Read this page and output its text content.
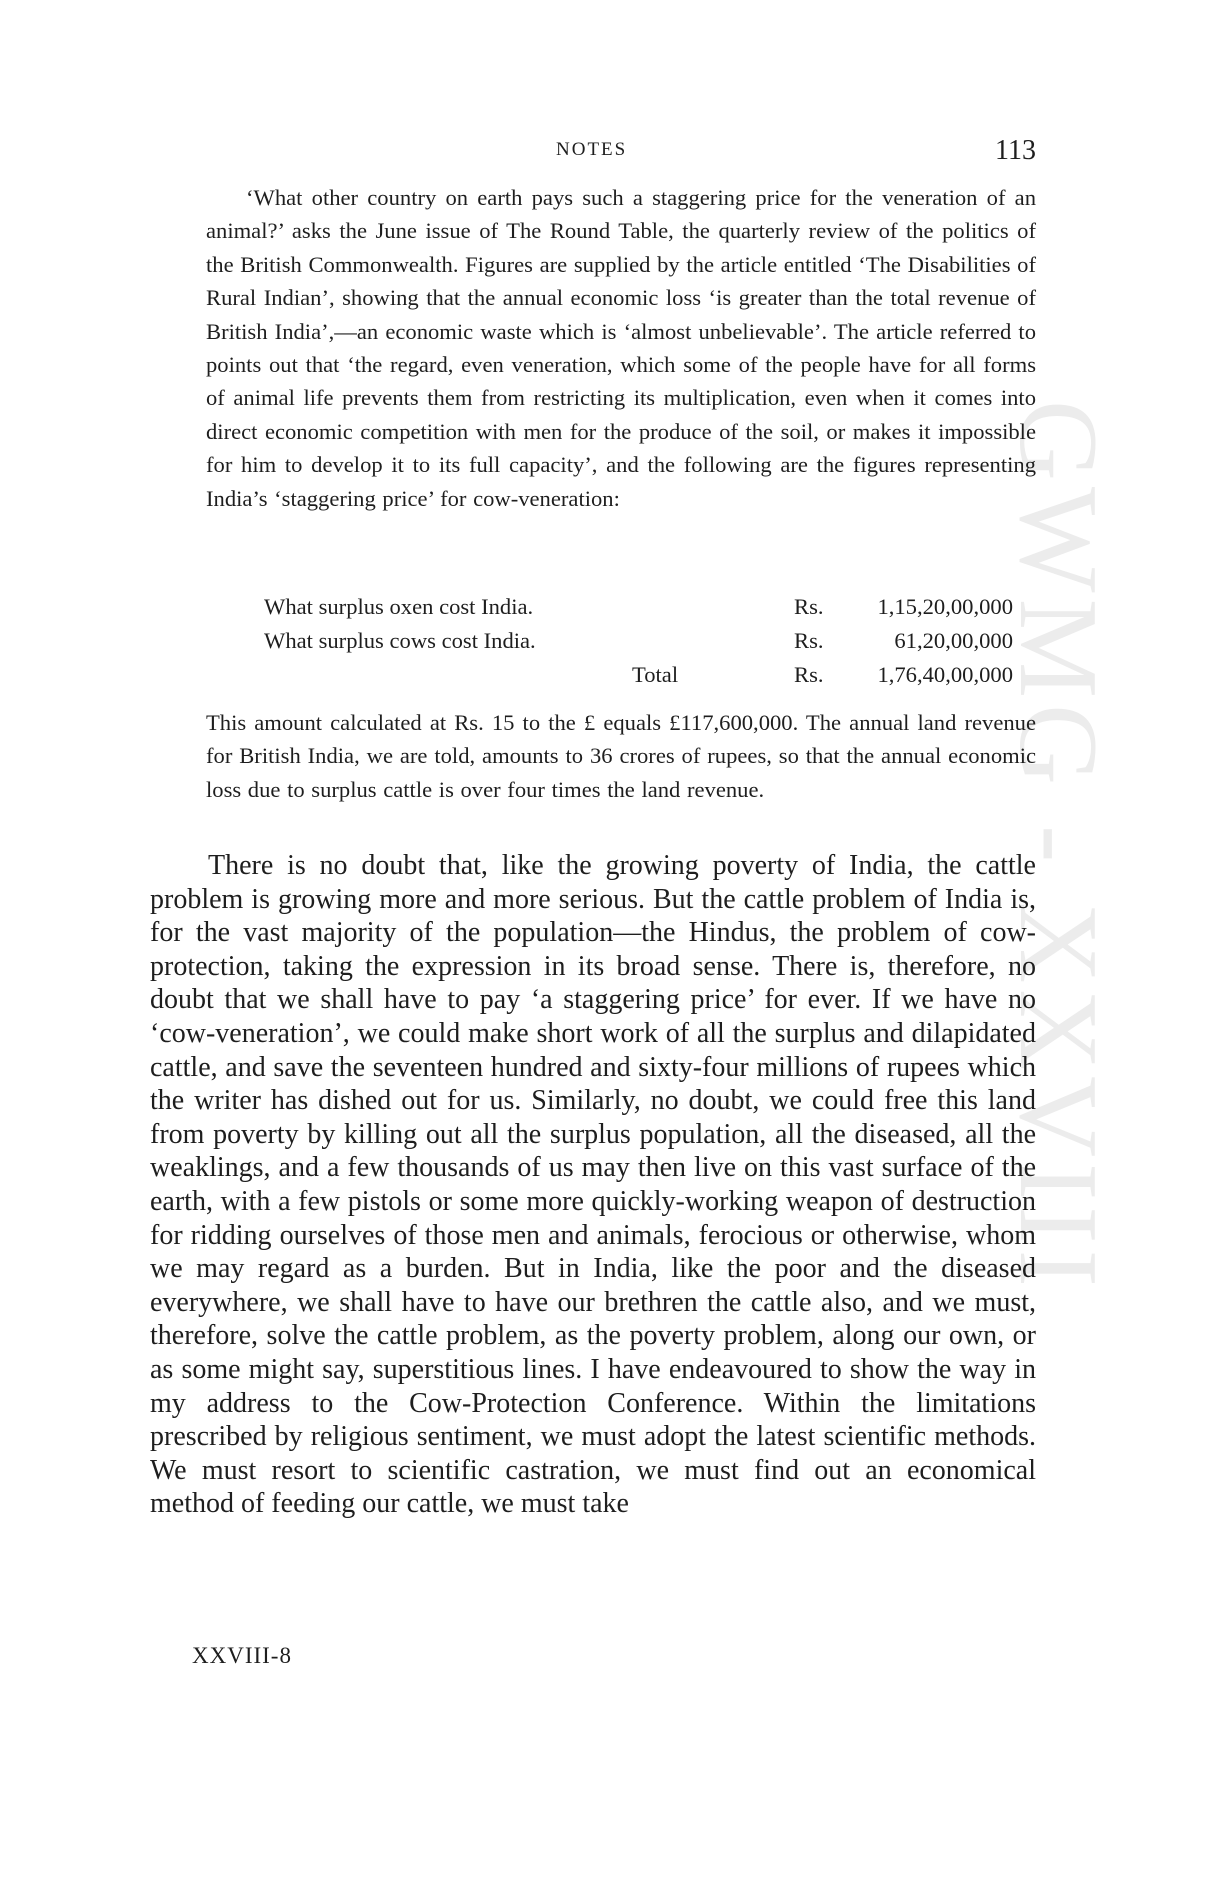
GWMG - XXVIII
NOTES	113

‘What other country on earth pays such a staggering price for the veneration of an animal?’ asks the June issue of The Round Table, the quarterly review of the politics of the British Commonwealth. Figures are supplied by the article entitled ‘The Disabilities of Rural Indian’, showing that the annual economic loss ‘is greater than the total revenue of British India’,—an economic waste which is ‘almost unbelievable’. The article referred to points out that ‘the regard, even veneration, which some of the people have for all forms of animal life prevents them from restricting its multiplication, even when it comes into direct economic competition with men for the produce of the soil, or makes it impossible for him to develop it to its full capacity’, and the following are the figures representing India’s ‘staggering price’ for cow-veneration:

What surplus oxen cost India.	Rs. 1,15,20,00,000
What surplus cows cost India.	Rs.	61,20,00,000
Total	Rs. 1,76,40,00,000

This amount calculated at Rs. 15 to the £ equals £117,600,000. The annual land revenue for British India, we are told, amounts to 36 crores of rupees, so that the annual economic loss due to surplus cattle is over four times the land revenue.

There is no doubt that, like the growing poverty of India, the cattle problem is growing more and more serious. But the cattle problem of India is, for the vast majority of the population—the Hindus, the problem of cow-protection, taking the expression in its broad sense. There is, therefore, no doubt that we shall have to pay ‘a staggering price’ for ever. If we have no ‘cow-veneration’, we could make short work of all the surplus and dilapidated cattle, and save the seventeen hundred and sixty-four millions of rupees which the writer has dished out for us. Similarly, no doubt, we could free this land from poverty by killing out all the surplus population, all the diseased, all the weaklings, and a few thousands of us may then live on this vast surface of the earth, with a few pistols or some more quickly-working weapon of destruction for ridding ourselves of those men and animals, ferocious or otherwise, whom we may regard as a burden. But in India, like the poor and the diseased everywhere, we shall have to have our brethren the cattle also, and we must, therefore, solve the cattle problem, as the poverty problem, along our own, or as some might say, superstitious lines. I have endeavoured to show the way in my address to the Cow-Protection Conference. Within the limitations prescribed by religious sentiment, we must adopt the latest scientific methods. We must resort to scientific castration, we must find out an economical method of feeding our cattle, we must take

XXVIII-8
